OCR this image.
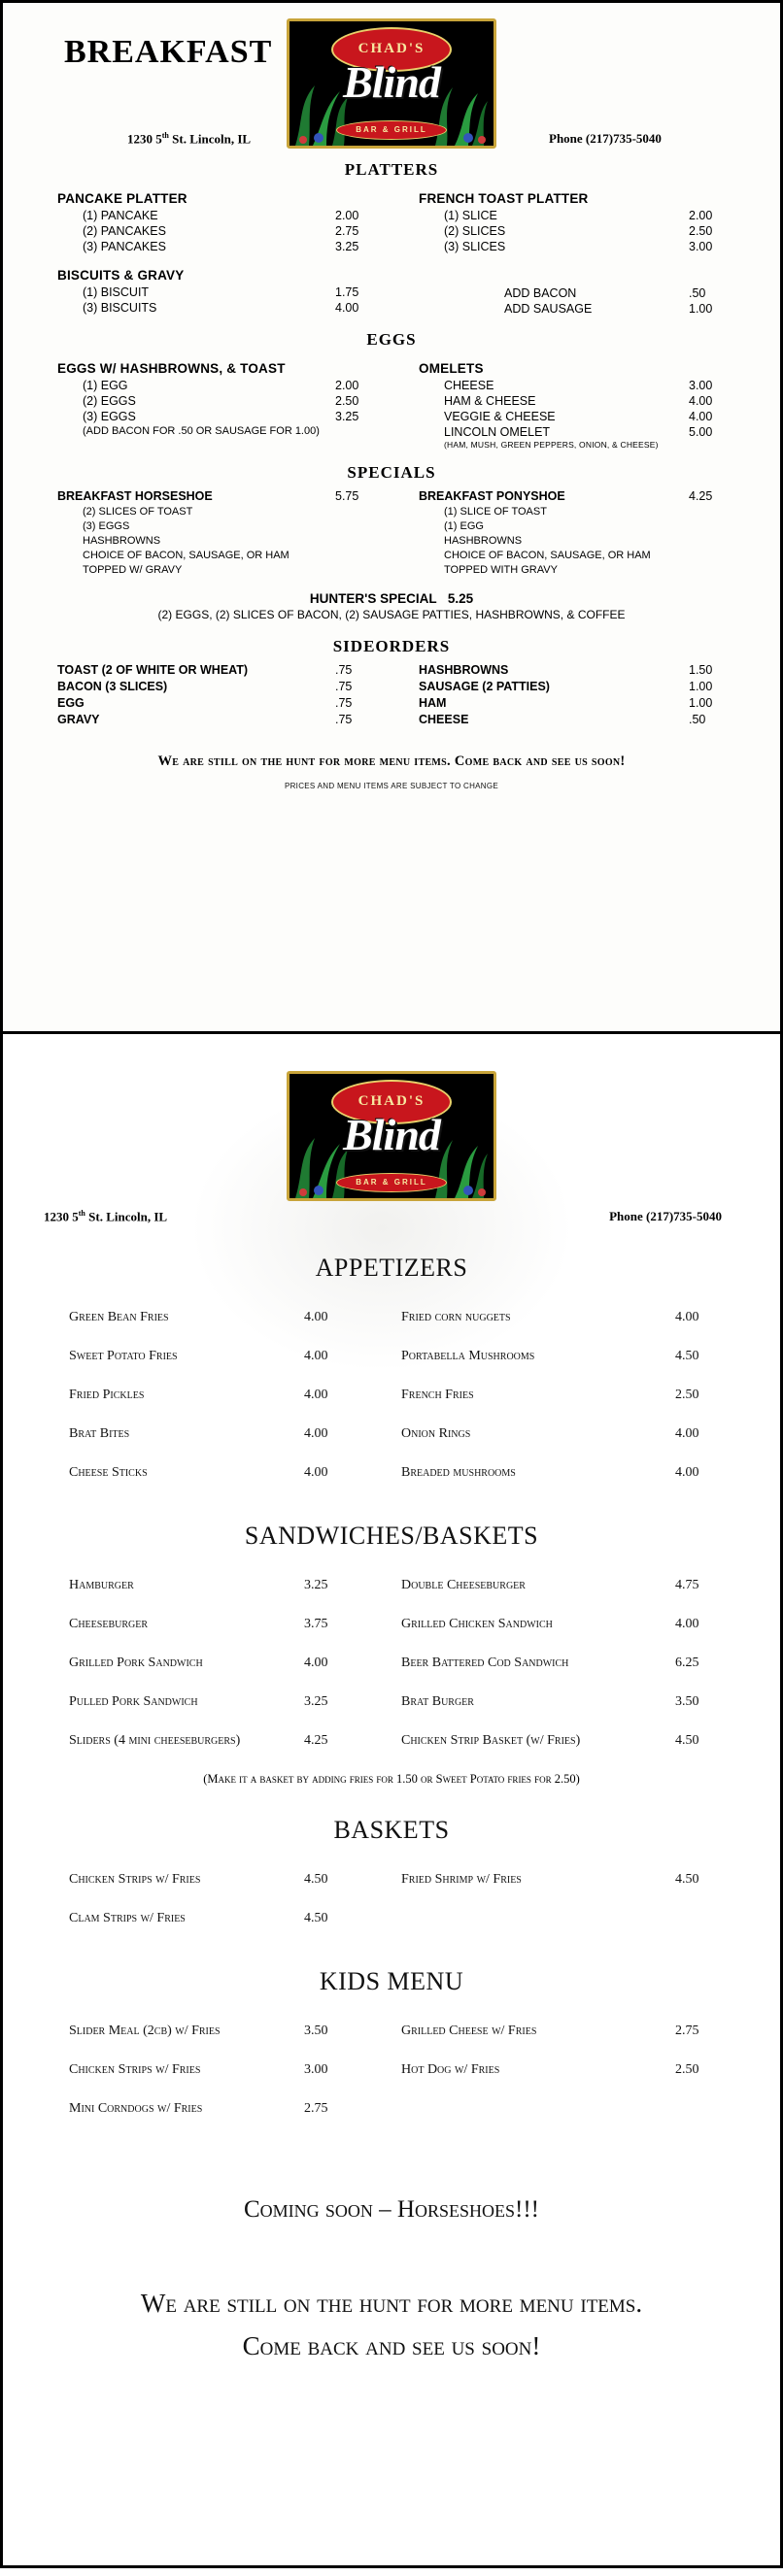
BREAKFAST	CHAD'S
Blind
BAR & GRILL
1230 5th St. Lincoln, IL	Phone (217)735-5040
PLATTERS
PANCAKE PLATTER
(1) PANCAKE	2.00
(2) PANCAKES	2.75
(3) PANCAKES	3.25
BISCUITS & GRAVY
(1) BISCUIT	1.75
(3) BISCUITS	4.00
FRENCH TOAST PLATTER
(1) SLICE	2.00
(2) SLICES	2.50
(3) SLICES	3.00
ADD BACON	.50
ADD SAUSAGE	1.00
EGGS
EGGS W/ HASHBROWNS, & TOAST
(1) EGG	2.00
(2) EGGS	2.50
(3) EGGS	3.25
(ADD BACON FOR .50 OR SAUSAGE FOR 1.00)
OMELETS
CHEESE	3.00
HAM & CHEESE	4.00
VEGGIE & CHEESE	4.00
LINCOLN OMELET	5.00
(HAM, MUSH, GREEN PEPPERS, ONION, & CHEESE)
SPECIALS
BREAKFAST HORSESHOE	5.75
(2) SLICES OF TOAST
(3) EGGS
HASHBROWNS
CHOICE OF BACON, SAUSAGE, OR HAM
TOPPED W/ GRAVY
BREAKFAST PONYSHOE	4.25
(1) SLICE OF TOAST
(1) EGG
HASHBROWNS
CHOICE OF BACON, SAUSAGE, OR HAM
TOPPED WITH GRAVY
HUNTER'S SPECIAL 5.25
(2) EGGS, (2) SLICES OF BACON, (2) SAUSAGE PATTIES, HASHBROWNS, & COFFEE
SIDEORDERS
TOAST (2 OF WHITE OR WHEAT)	.75
BACON (3 SLICES)	.75
EGG	.75
GRAVY	.75
HASHBROWNS	1.50
SAUSAGE (2 PATTIES)	1.00
HAM	1.00
CHEESE	.50
We are still on the hunt for more menu items. Come back and see us soon!
PRICES AND MENU ITEMS ARE SUBJECT TO CHANGE
CHAD'S
Blind
BAR & GRILL
1230 5th St. Lincoln, IL	Phone (217)735-5040
APPETIZERS
Green Bean Fries	4.00
Sweet Potato Fries	4.00
Fried Pickles	4.00
Brat Bites	4.00
Cheese Sticks	4.00
Fried corn nuggets	4.00
Portabella Mushrooms	4.50
French Fries	2.50
Onion Rings	4.00
Breaded mushrooms	4.00
SANDWICHES/BASKETS
Hamburger	3.25
Cheeseburger	3.75
Grilled Pork Sandwich	4.00
Pulled Pork Sandwich	3.25
Sliders (4 mini cheeseburgers)	4.25
Double Cheeseburger	4.75
Grilled Chicken Sandwich	4.00
Beer Battered Cod Sandwich	6.25
Brat Burger	3.50
Chicken Strip Basket (w/ Fries)	4.50
(Make it a basket by adding fries for 1.50 or Sweet Potato fries for 2.50)
BASKETS
Chicken Strips w/ Fries	4.50
Clam Strips w/ Fries	4.50
Fried Shrimp w/ Fries	4.50
KIDS MENU
Slider Meal (2cb) w/ Fries	3.50
Chicken Strips w/ Fries	3.00
Mini Corndogs w/ Fries	2.75
Grilled Cheese w/ Fries	2.75
Hot Dog w/ Fries	2.50
Coming soon – Horseshoes!!!
We are still on the hunt for more menu items.
Come back and see us soon!
